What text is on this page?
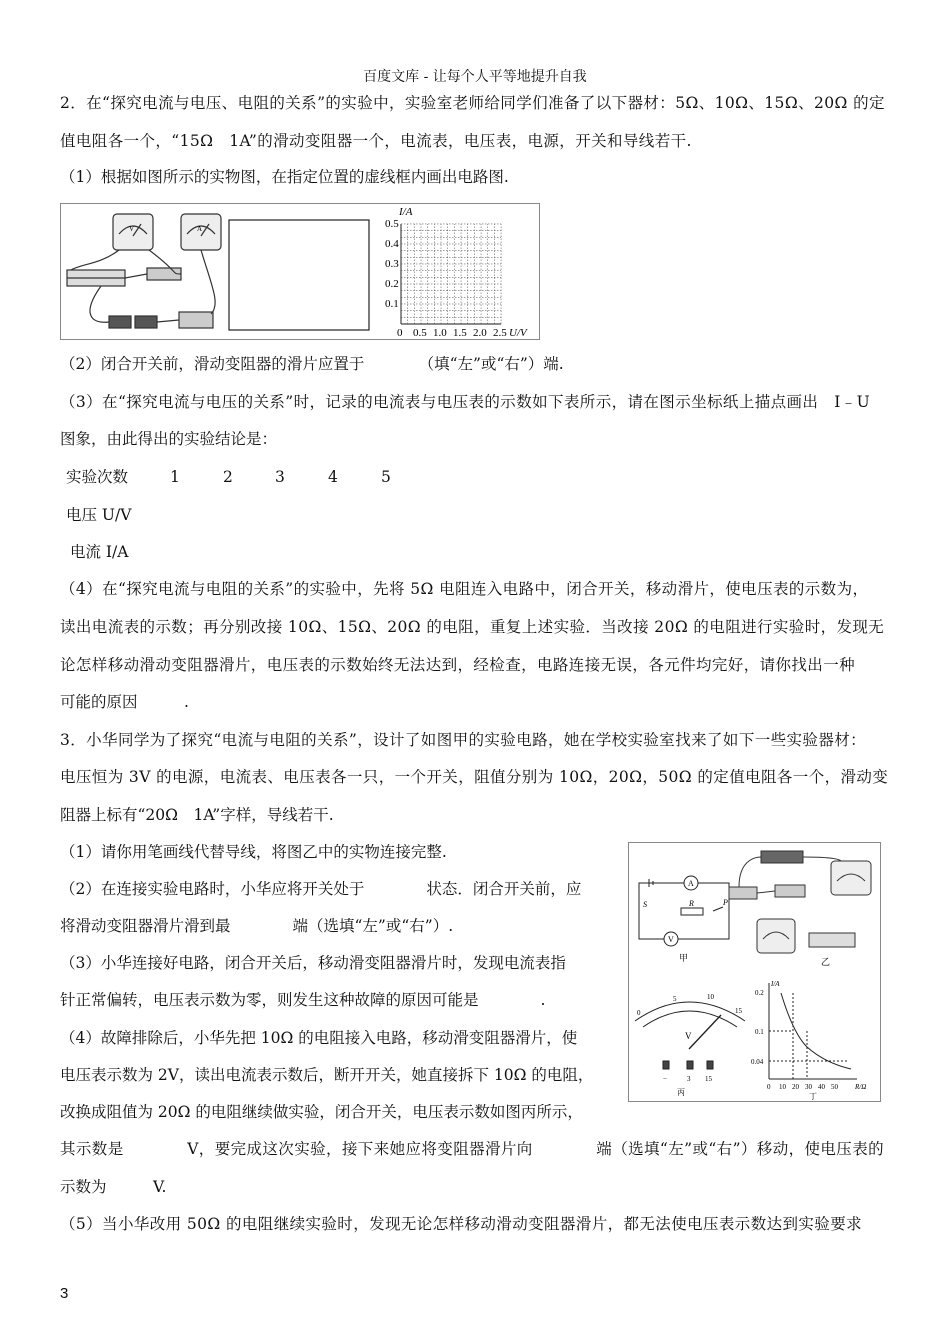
百度文库 - 让每个人平等地提升自我
2．在“探究电流与电压、电阻的关系”的实验中，实验室老师给同学们准备了以下器材：5Ω、10Ω、15Ω、20Ω 的定
值电阻各一个，“15Ω　1A”的滑动变阻器一个，电流表，电压表，电源，开关和导线若干.
（1）根据如图所示的实物图，在指定位置的虚线框内画出电路图.
V	A
I/A
U/V
0.5
0.4
0.3
0.2
0.1
0 0.5 1.0 1.5 2.0 2.5
（2）闭合开关前，滑动变阻器的滑片应置于　　　　（填“左”或“右”）端.
（3）在“探究电流与电压的关系”时，记录的电流表与电压表的示数如下表所示，请在图示坐标纸上描点画出　I﹣U
图象，由此得出的实验结论是：
实验次数	1	2	3	4	5
电压 U/V
电流 I/A
（4）在“探究电流与电阻的关系”的实验中，先将 5Ω 电阻连入电路中，闭合开关，移动滑片，使电压表的示数为，
读出电流表的示数；再分别改接 10Ω、15Ω、20Ω 的电阻，重复上述实验．当改接 20Ω 的电阻进行实验时，发现无
论怎样移动滑动变阻器滑片，电压表的示数始终无法达到，经检查，电路连接无误，各元件均完好，请你找出一种
可能的原因　　　.
3．小华同学为了探究“电流与电阻的关系”，设计了如图甲的实验电路，她在学校实验室找来了如下一些实验器材：
电压恒为 3V 的电源，电流表、电压表各一只，一个开关，阻值分别为 10Ω，20Ω，50Ω 的定值电阻各一个，滑动变
阻器上标有“20Ω　1A”字样，导线若干.
（1）请你用笔画线代替导线，将图乙中的实物连接完整.
（2）在连接实验电路时，小华应将开关处于　　　　状态．闭合开关前，应
将滑动变阻器滑片滑到最　　　　端（选填“左”或“右”）.
（3）小华连接好电路，闭合开关后，移动滑变阻器滑片时，发现电流表指
针正常偏转，电压表示数为零，则发生这种故障的原因可能是　　　　.
（4）故障排除后，小华先把 10Ω 的电阻接入电路，移动滑变阻器滑片，使
电压表示数为 2V，读出电流表示数后，断开开关，她直接拆下 10Ω 的电阻，
改换成阻值为 20Ω 的电阻继续做实验，闭合开关，电压表示数如图丙所示，
其示数是　　　　V，要完成这次实验，接下来她应将变阻器滑片向　　　　端（选填“左”或“右”）移动，使电压表的
示数为　　　V.
（5）当小华改用 50Ω 的电阻继续实验时，发现无论怎样移动滑动变阻器滑片，都无法使电压表示数达到实验要求
A
R
S	P
V
甲	乙
0
5	10
15
V
−	3 15
丙
I/A
R/Ω
0.2
0.1
0.04
0 10 20 30 40 50
丁
3
